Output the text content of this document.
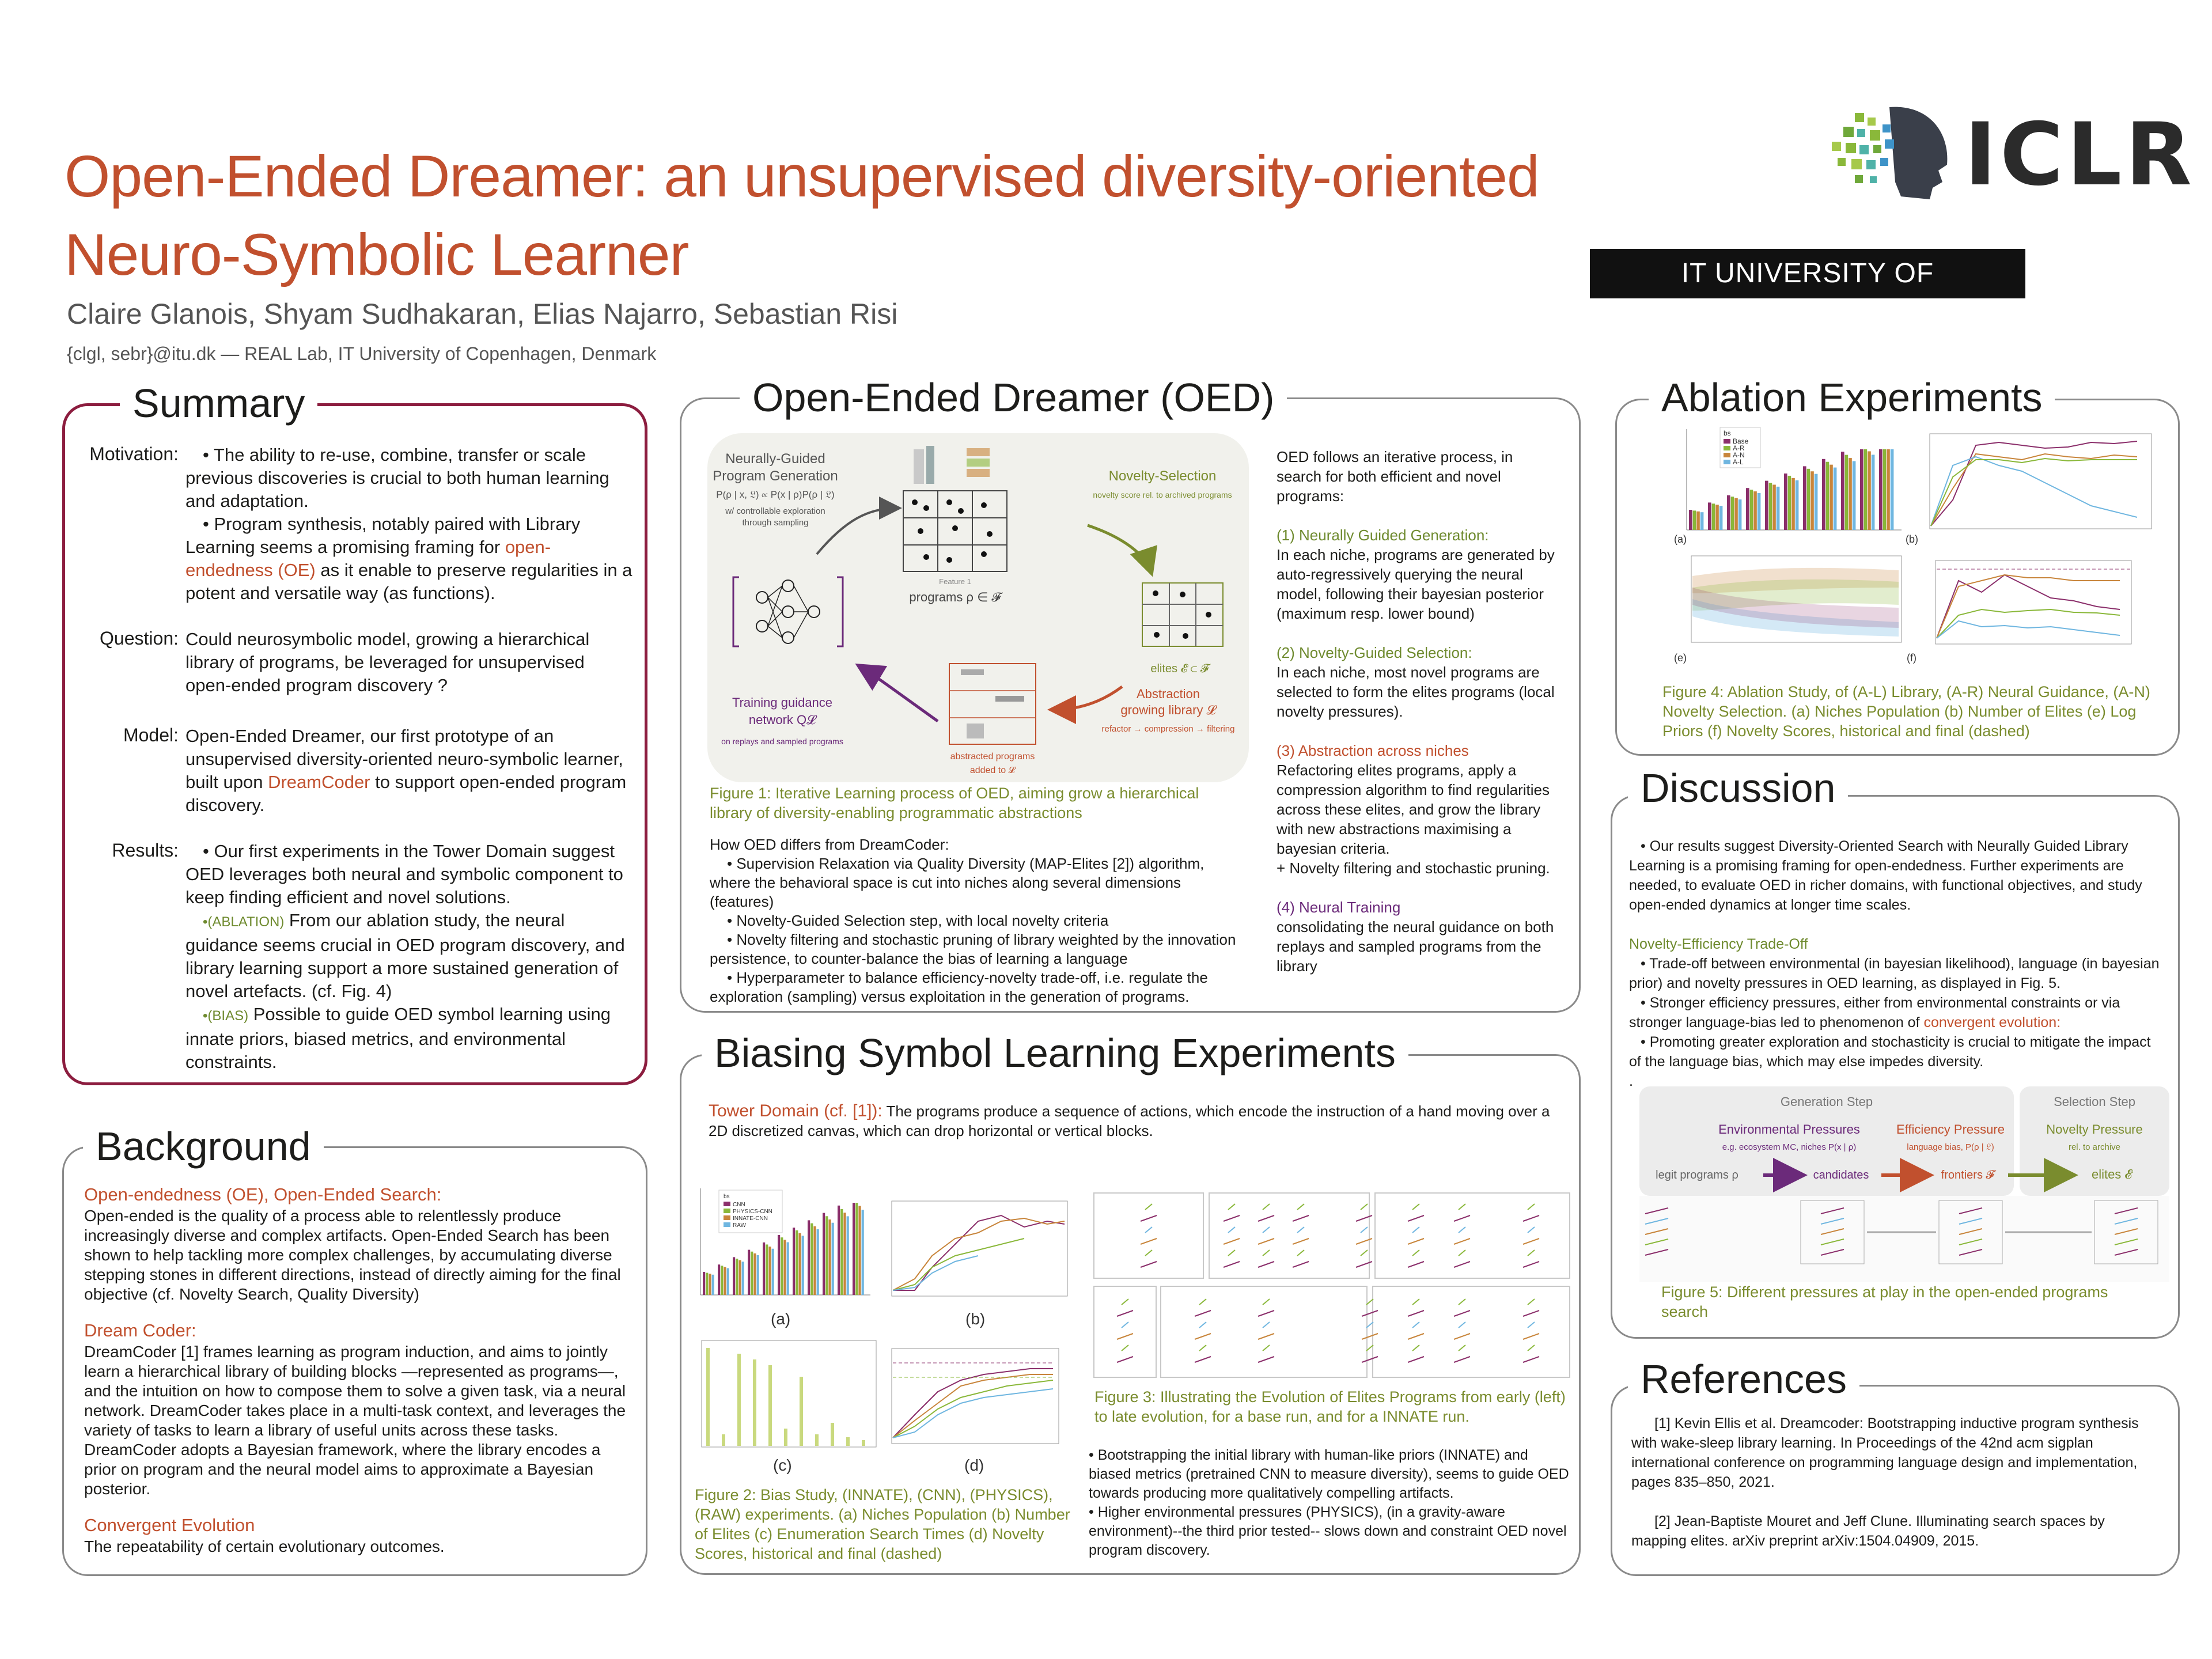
Open-Ended Dreamer: an unsupervised diversity-oriented
Neuro-Symbolic Learner
Claire Glanois, Shyam Sudhakaran, Elias Najarro, Sebastian Risi
{clgl, sebr}@itu.dk — REAL Lab, IT University of Copenhagen, Denmark
IT UNIVERSITY OF COPENHAGEN
ICLR
Summary
Motivation:	• The ability to re-use, combine, transfer or scale previous discoveries is crucial to both human learning and adaptation.
• Program synthesis, notably paired with Library Learning seems a promising framing for open-endedness (OE) as it enable to preserve regularities in a potent and versatile way (as functions).
Question: Could neurosymbolic model, growing a hierarchical library of programs, be leveraged for unsupervised open-ended program discovery ?
Model: Open-Ended Dreamer, our first prototype of an unsupervised diversity-oriented neuro-symbolic learner, built upon DreamCoder to support open-ended program discovery.
Results:	• Our first experiments in the Tower Domain suggest OED leverages both neural and symbolic component to keep finding efficient and novel solutions.
•(ABLATION) From our ablation study, the neural guidance seems crucial in OED program discovery, and library learning support a more sustained generation of novel artefacts. (cf. Fig. 4)
•(BIAS) Possible to guide OED symbol learning using innate priors, biased metrics, and environmental constraints.
Background
Open-endedness (OE), Open-Ended Search:
Open-ended is the quality of a process able to relentlessly produce increasingly diverse and complex artifacts. Open-Ended Search has been shown to help tackling more complex challenges, by accumulating diverse stepping stones in different directions, instead of directly aiming for the final objective (cf. Novelty Search, Quality Diversity)
Dream Coder:
DreamCoder [1] frames learning as program induction, and aims to jointly learn a hierarchical library of building blocks —represented as programs—, and the intuition on how to compose them to solve a given task, via a neural network. DreamCoder takes place in a multi-task context, and leverages the variety of tasks to learn a library of useful units across these tasks. DreamCoder adopts a Bayesian framework, where the library encodes a prior on program and the neural model aims to approximate a Bayesian posterior.
Convergent Evolution
The repeatability of certain evolutionary outcomes.
Open-Ended Dreamer (OED)
Neurally-Guided
Program Generation
P(ρ | x, 𝔏) ∝ P(x | ρ)P(ρ | 𝔏)
w/ controllable exploration
through sampling
Feature 1
programs ρ ∈ 𝓕
Novelty-Selection
novelty score rel. to archived programs
elites 𝓔 ⊂ 𝓕
Abstraction
growing library 𝓛
refactor → compression → filtering
abstracted programs
added to 𝓛
Training guidance
network Q𝓛
on replays and sampled programs
Figure 1: Iterative Learning process of OED, aiming grow a hierarchical library of diversity-enabling programmatic abstractions
How OED differs from DreamCoder:
• Supervision Relaxation via Quality Diversity (MAP-Elites [2]) algorithm, where the behavioral space is cut into niches along several dimensions (features)
• Novelty-Guided Selection step, with local novelty criteria
• Novelty filtering and stochastic pruning of library weighted by the innovation persistence, to counter-balance the bias of learning a language
• Hyperparameter to balance efficiency-novelty trade-off, i.e. regulate the exploration (sampling) versus exploitation in the generation of programs.
OED follows an iterative process, in search for both efficient and novel programs:
(1) Neurally Guided Generation:
In each niche, programs are generated by auto-regressively querying the neural model, following their bayesian posterior (maximum resp. lower bound)
(2) Novelty-Guided Selection:
In each niche, most novel programs are selected to form the elites programs (local novelty pressures).
(3) Abstraction across niches
Refactoring elites programs, apply a compression algorithm to find regularities across these elites, and grow the library with new abstractions maximising a bayesian criteria.
+ Novelty filtering and stochastic pruning.
(4) Neural Training
consolidating the neural guidance on both replays and sampled programs from the library
Biasing Symbol Learning Experiments
Tower Domain (cf. [1]): The programs produce a sequence of actions, which encode the instruction of a hand moving over a 2D discretized canvas, which can drop horizontal or vertical blocks.
bs
CNN
PHYSICS-CNN
INNATE-CNN
RAW
(a)	(b)
(c)	(d)
Figure 2: Bias Study, (INNATE), (CNN), (PHYSICS), (RAW) experiments. (a) Niches Population (b) Number of Elites (c) Enumeration Search Times (d) Novelty Scores, historical and final (dashed)
Figure 3: Illustrating the Evolution of Elites Programs from early (left) to late evolution, for a base run, and for a INNATE run.
• Bootstrapping the initial library with human-like priors (INNATE) and biased metrics (pretrained CNN to measure diversity), seems to guide OED towards producing more qualitatively compelling artifacts.
• Higher environmental pressures (PHYSICS), (in a gravity-aware environment)--the third prior tested-- slows down and constraint OED novel program discovery.
Ablation Experiments
bs
Base
A-R
A-N
A-L
(a)	(b)
(e)	(f)
Figure 4: Ablation Study, of (A-L) Library, (A-R) Neural Guidance, (A-N) Novelty Selection. (a) Niches Population (b) Number of Elites (e) Log Priors (f) Novelty Scores, historical and final (dashed)
Discussion
• Our results suggest Diversity-Oriented Search with Neurally Guided Library Learning is a promising framing for open-endedness. Further experiments are needed, to evaluate OED in richer domains, with functional objectives, and study open-ended dynamics at longer time scales.
Novelty-Efficiency Trade-Off
• Trade-off between environmental (in bayesian likelihood), language (in bayesian prior) and novelty pressures in OED learning, as displayed in Fig. 5.
• Stronger efficiency pressures, either from environmental constraints or via stronger language-bias led to phenomenon of convergent evolution:
• Promoting greater exploration and stochasticity is crucial to mitigate the impact of the language bias, which may else impedes diversity.
.
Generation Step	Selection Step
Environmental Pressures
e.g. ecosystem MC, niches P(x | ρ)
Efficiency Pressure
language bias, P(ρ | 𝔏)
Novelty Pressure
rel. to archive
legit programs ρ	candidates	frontiers 𝓕	elites 𝓔
Figure 5: Different pressures at play in the open-ended programs search
References
[1] Kevin Ellis et al. Dreamcoder: Bootstrapping inductive program synthesis with wake-sleep library learning. In Proceedings of the 42nd acm sigplan international conference on programming language design and implementation, pages 835–850, 2021.
[2] Jean-Baptiste Mouret and Jeff Clune. Illuminating search spaces by mapping elites. arXiv preprint arXiv:1504.04909, 2015.
